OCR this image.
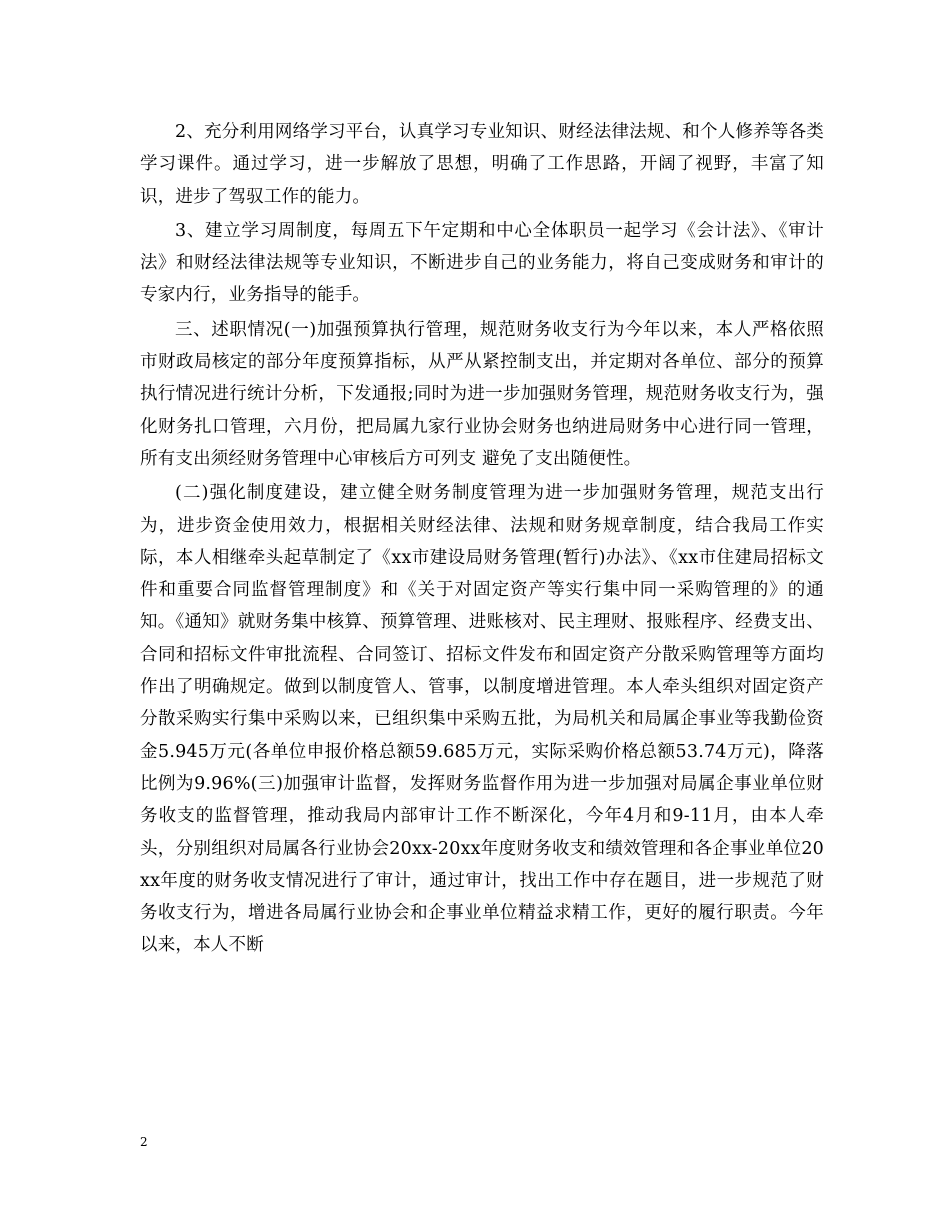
2、充分利用网络学习平台，认真学习专业知识、财经法律法规、和个人修养等各类学习课件。通过学习，进一步解放了思想，明确了工作思路，开阔了视野，丰富了知识，进步了驾驭工作的能力。

3、建立学习周制度，每周五下午定期和中心全体职员一起学习《会计法》、《审计法》和财经法律法规等专业知识，不断进步自己的业务能力，将自己变成财务和审计的专家内行，业务指导的能手。

三、述职情况(一)加强预算执行管理，规范财务收支行为今年以来，本人严格依照市财政局核定的部分年度预算指标，从严从紧控制支出，并定期对各单位、部分的预算执行情况进行统计分析，下发通报;同时为进一步加强财务管理，规范财务收支行为，强化财务扎口管理，六月份，把局属九家行业协会财务也纳进局财务中心进行同一管理，所有支出须经财务管理中心审核后方可列支 避免了支出随便性。

(二)强化制度建设，建立健全财务制度管理为进一步加强财务管理，规范支出行为，进步资金使用效力，根据相关财经法律、法规和财务规章制度，结合我局工作实际，本人相继牵头起草制定了《xx市建设局财务管理(暂行)办法》、《xx市住建局招标文件和重要合同监督管理制度》和《关于对固定资产等实行集中同一采购管理的》的通知。《通知》就财务集中核算、预算管理、进账核对、民主理财、报账程序、经费支出、合同和招标文件审批流程、合同签订、招标文件发布和固定资产分散采购管理等方面均作出了明确规定。做到以制度管人、管事，以制度增进管理。本人牵头组织对固定资产分散采购实行集中采购以来，已组织集中采购五批，为局机关和局属企事业等我勤俭资金5.945万元(各单位申报价格总额59.685万元，实际采购价格总额53.74万元)，降落比例为9.96%(三)加强审计监督，发挥财务监督作用为进一步加强对局属企事业单位财务收支的监督管理，推动我局内部审计工作不断深化，今年4月和9-11月，由本人牵头，分别组织对局属各行业协会20xx-20xx年度财务收支和绩效管理和各企事业单位20xx年度的财务收支情况进行了审计，通过审计，找出工作中存在题目，进一步规范了财务收支行为，增进各局属行业协会和企事业单位精益求精工作，更好的履行职责。今年以来，本人不断

2
